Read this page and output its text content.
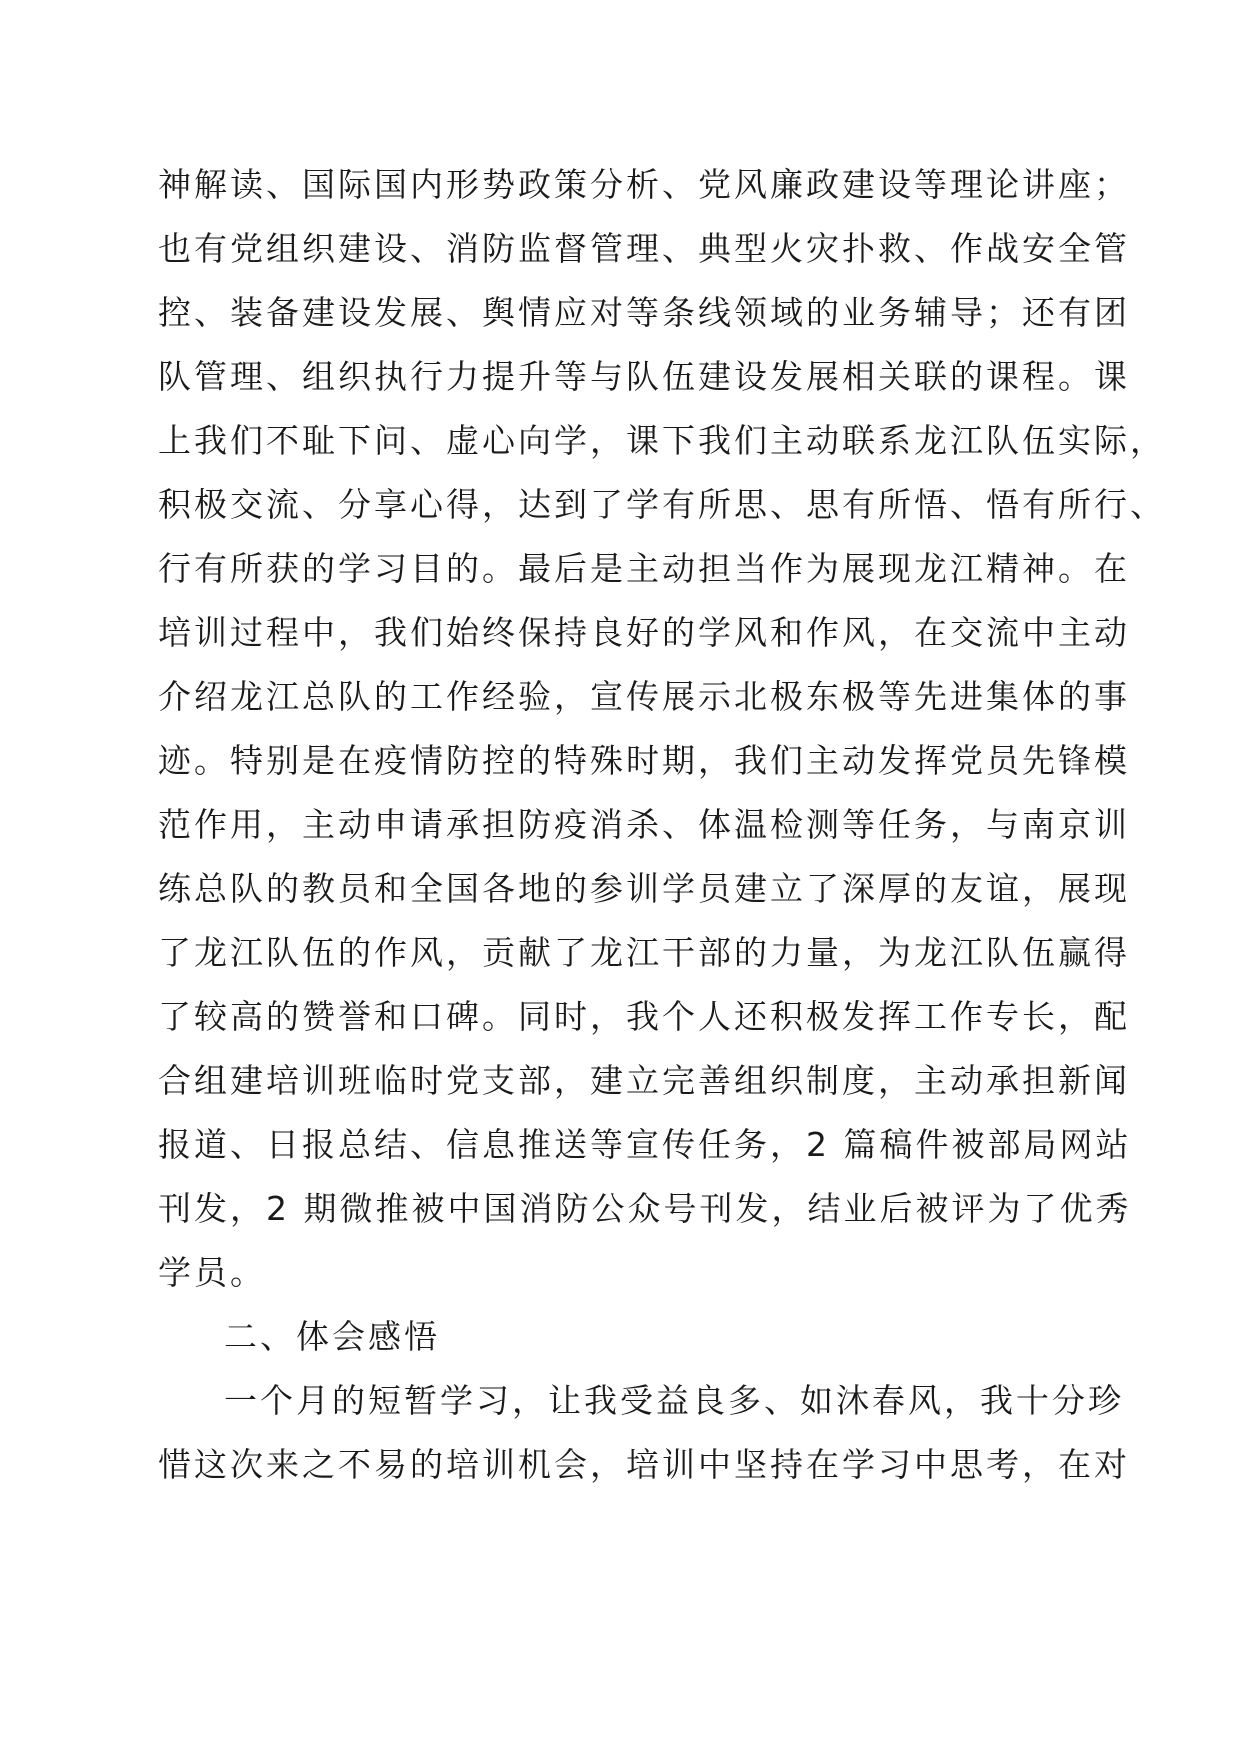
神解读、国际国内形势政策分析、党风廉政建设等理论讲座；
也有党组织建设、消防监督管理、典型火灾扑救、作战安全管
控、装备建设发展、舆情应对等条线领域的业务辅导；还有团
队管理、组织执行力提升等与队伍建设发展相关联的课程。课
上我们不耻下问、虚心向学，课下我们主动联系龙江队伍实际，
积极交流、分享心得，达到了学有所思、思有所悟、悟有所行、
行有所获的学习目的。最后是主动担当作为展现龙江精神。在
培训过程中，我们始终保持良好的学风和作风，在交流中主动
介绍龙江总队的工作经验，宣传展示北极东极等先进集体的事
迹。特别是在疫情防控的特殊时期，我们主动发挥党员先锋模
范作用，主动申请承担防疫消杀、体温检测等任务，与南京训
练总队的教员和全国各地的参训学员建立了深厚的友谊，展现
了龙江队伍的作风，贡献了龙江干部的力量，为龙江队伍赢得
了较高的赞誉和口碑。同时，我个人还积极发挥工作专长，配
合组建培训班临时党支部，建立完善组织制度，主动承担新闻
报道、日报总结、信息推送等宣传任务，2 篇稿件被部局网站
刊发，2 期微推被中国消防公众号刊发，结业后被评为了优秀
学员。
二、体会感悟
一个月的短暂学习，让我受益良多、如沐春风，我十分珍
惜这次来之不易的培训机会，培训中坚持在学习中思考，在对
